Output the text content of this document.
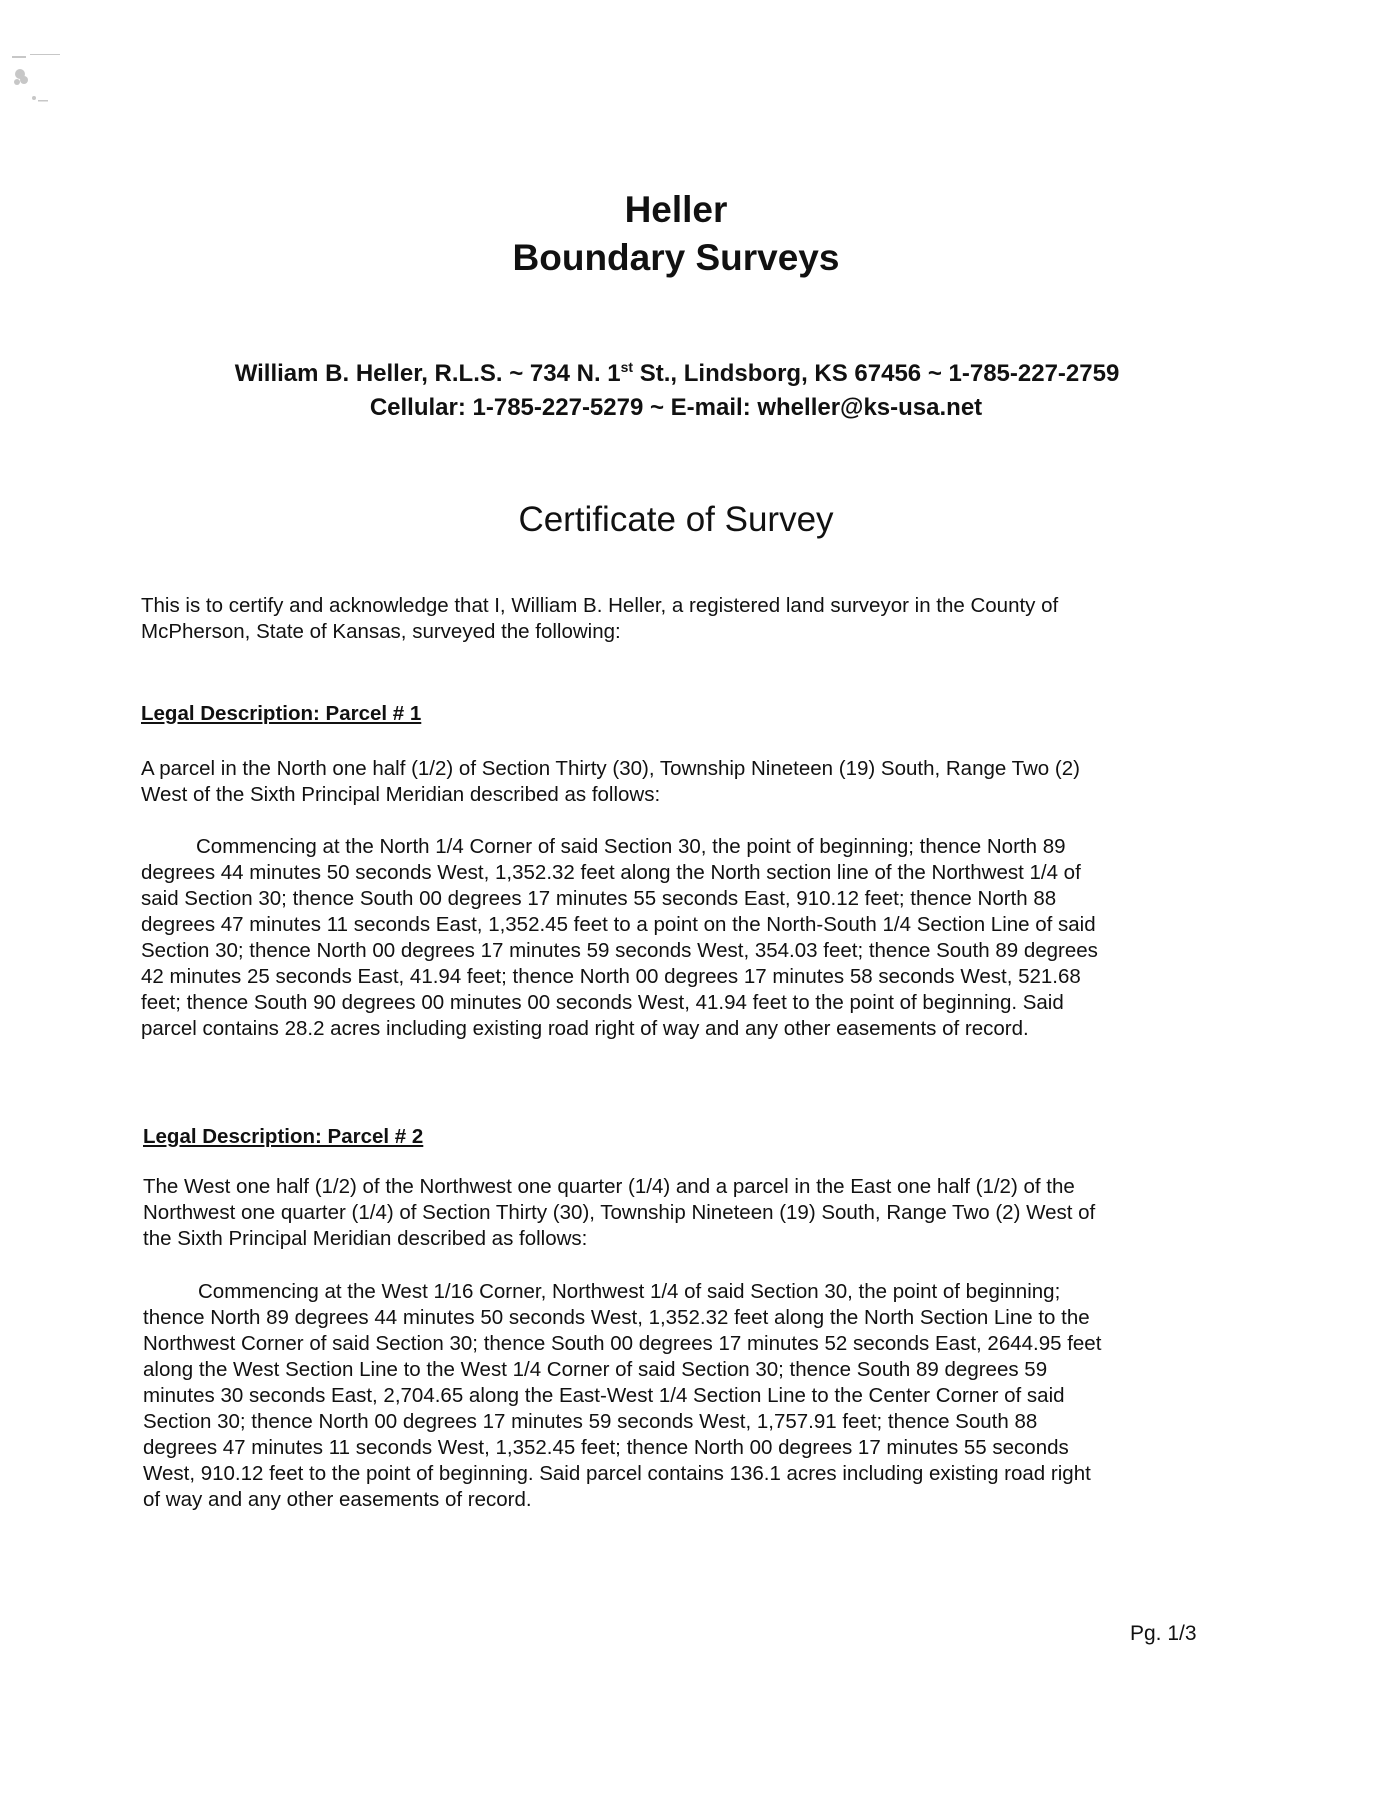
Heller
Boundary Surveys
William B. Heller, R.L.S. ~ 734 N. 1st St., Lindsborg, KS 67456 ~ 1-785-227-2759
Cellular: 1-785-227-5279 ~ E-mail: wheller@ks-usa.net
Certificate of Survey

This is to certify and acknowledge that I, William B. Heller, a registered land surveyor in the County of
McPherson, State of Kansas, surveyed the following:

Legal Description: Parcel # 1

A parcel in the North one half (1/2) of Section Thirty (30), Township Nineteen (19) South, Range Two (2)
West of the Sixth Principal Meridian described as follows:

Commencing at the North 1/4 Corner of said Section 30, the point of beginning; thence North 89
degrees 44 minutes 50 seconds West, 1,352.32 feet along the North section line of the Northwest 1/4 of
said Section 30; thence South 00 degrees 17 minutes 55 seconds East, 910.12 feet; thence North 88
degrees 47 minutes 11 seconds East, 1,352.45 feet to a point on the North-South 1/4 Section Line of said
Section 30; thence North 00 degrees 17 minutes 59 seconds West, 354.03 feet; thence South 89 degrees
42 minutes 25 seconds East, 41.94 feet; thence North 00 degrees 17 minutes 58 seconds West, 521.68
feet; thence South 90 degrees 00 minutes 00 seconds West, 41.94 feet to the point of beginning. Said
parcel contains 28.2 acres including existing road right of way and any other easements of record.

Legal Description: Parcel # 2

The West one half (1/2) of the Northwest one quarter (1/4) and a parcel in the East one half (1/2) of the
Northwest one quarter (1/4) of Section Thirty (30), Township Nineteen (19) South, Range Two (2) West of
the Sixth Principal Meridian described as follows:

Commencing at the West 1/16 Corner, Northwest 1/4 of said Section 30, the point of beginning;
thence North 89 degrees 44 minutes 50 seconds West, 1,352.32 feet along the North Section Line to the
Northwest Corner of said Section 30; thence South 00 degrees 17 minutes 52 seconds East, 2644.95 feet
along the West Section Line to the West 1/4 Corner of said Section 30; thence South 89 degrees 59
minutes 30 seconds East, 2,704.65 along the East-West 1/4 Section Line to the Center Corner of said
Section 30; thence North 00 degrees 17 minutes 59 seconds West, 1,757.91 feet; thence South 88
degrees 47 minutes 11 seconds West, 1,352.45 feet; thence North 00 degrees 17 minutes 55 seconds
West, 910.12 feet to the point of beginning. Said parcel contains 136.1 acres including existing road right
of way and any other easements of record.

Pg. 1/3
